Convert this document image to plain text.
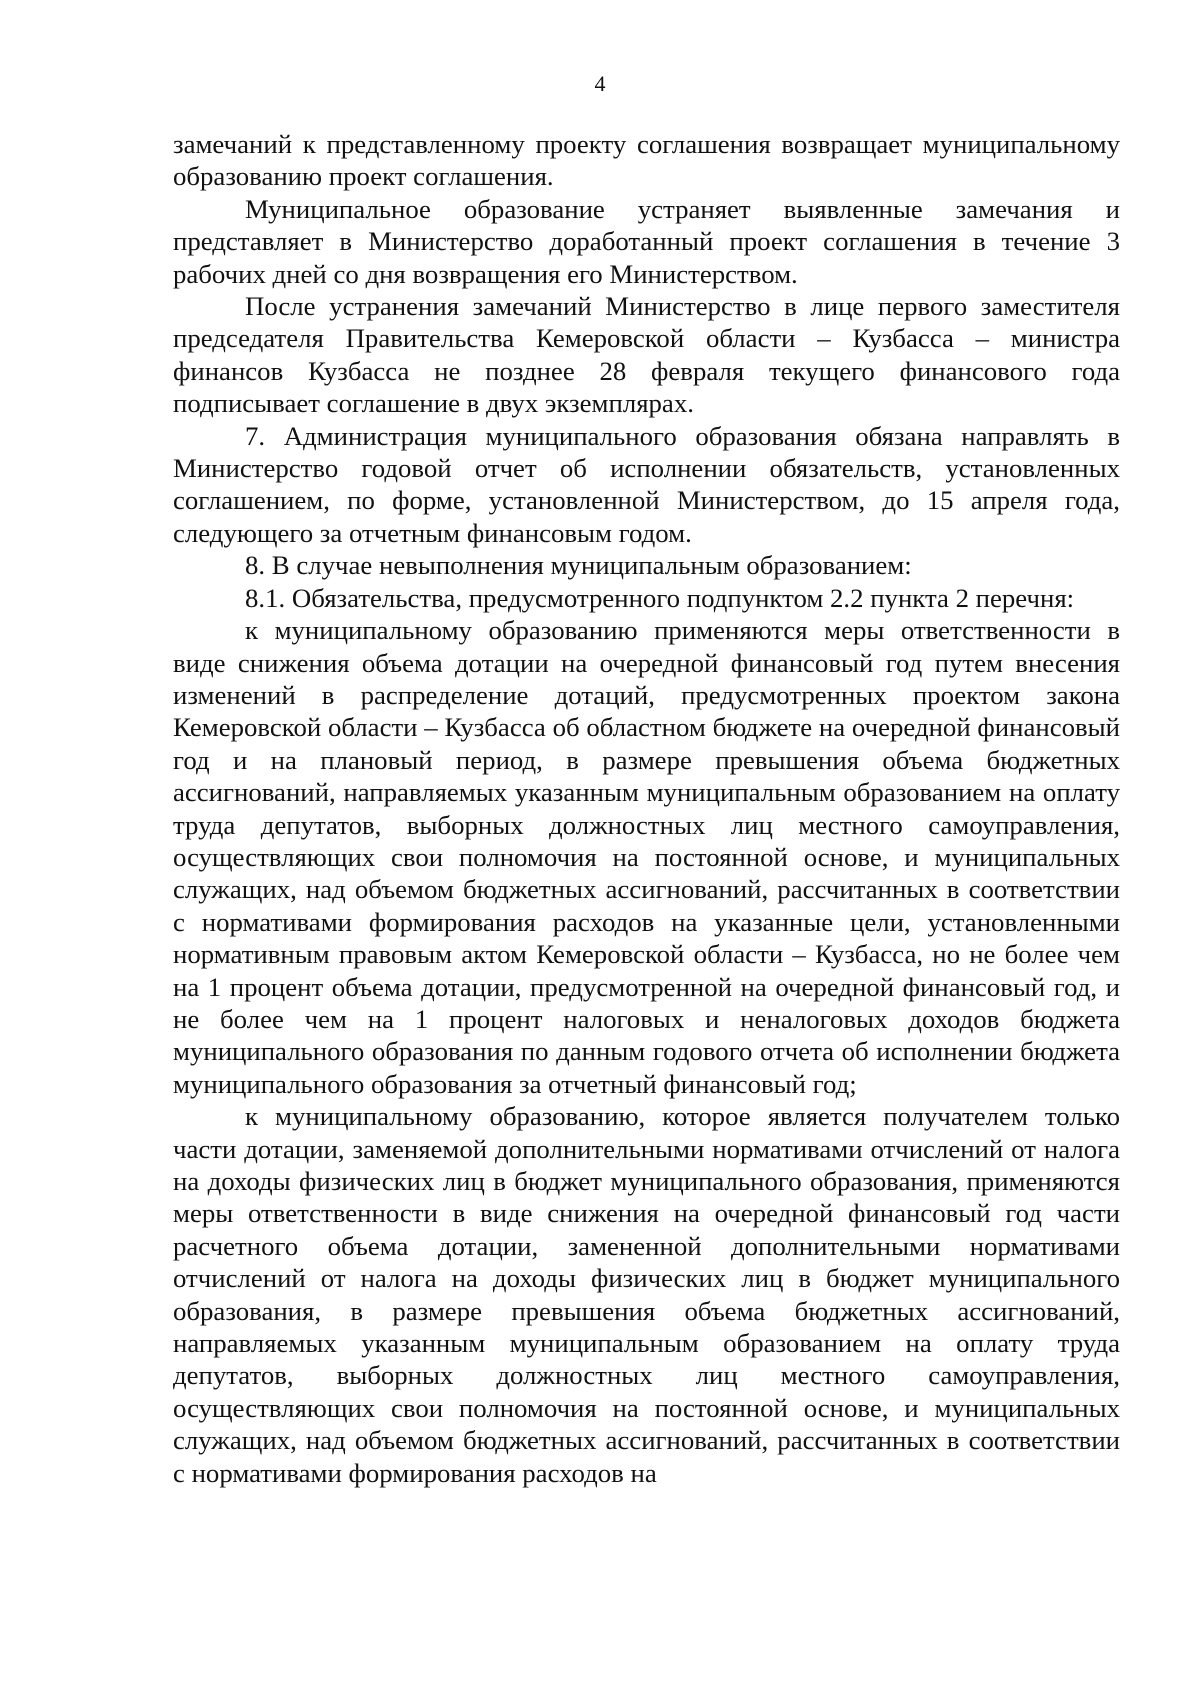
4

замечаний к представленному проекту соглашения возвращает муниципальному образованию проект соглашения.

Муниципальное образование устраняет выявленные замечания и представляет в Министерство доработанный проект соглашения в течение 3 рабочих дней со дня возвращения его Министерством.

После устранения замечаний Министерство в лице первого заместителя председателя Правительства Кемеровской области – Кузбасса – министра финансов Кузбасса не позднее 28 февраля текущего финансового года подписывает соглашение в двух экземплярах.

7. Администрация муниципального образования обязана направлять в Министерство годовой отчет об исполнении обязательств, установленных соглашением, по форме, установленной Министерством, до 15 апреля года, следующего за отчетным финансовым годом.

8. В случае невыполнения муниципальным образованием:

8.1. Обязательства, предусмотренного подпунктом 2.2 пункта 2 перечня:

к муниципальному образованию применяются меры ответственности в виде снижения объема дотации на очередной финансовый год путем внесения изменений в распределение дотаций, предусмотренных проектом закона Кемеровской области – Кузбасса об областном бюджете на очередной финансовый год и на плановый период, в размере превышения объема бюджетных ассигнований, направляемых указанным муниципальным образованием на оплату труда депутатов, выборных должностных лиц местного самоуправления, осуществляющих свои полномочия на постоянной основе, и муниципальных служащих, над объемом бюджетных ассигнований, рассчитанных в соответствии с нормативами формирования расходов на указанные цели, установленными нормативным правовым актом Кемеровской области – Кузбасса, но не более чем на 1 процент объема дотации, предусмотренной на очередной финансовый год, и не более чем на 1 процент налоговых и неналоговых доходов бюджета муниципального образования по данным годового отчета об исполнении бюджета муниципального образования за отчетный финансовый год;

к муниципальному образованию, которое является получателем только части дотации, заменяемой дополнительными нормативами отчислений от налога на доходы физических лиц в бюджет муниципального образования, применяются меры ответственности в виде снижения на очередной финансовый год части расчетного объема дотации, замененной дополнительными нормативами отчислений от налога на доходы физических лиц в бюджет муниципального образования, в размере превышения объема бюджетных ассигнований, направляемых указанным муниципальным образованием на оплату труда депутатов, выборных должностных лиц местного самоуправления, осуществляющих свои полномочия на постоянной основе, и муниципальных служащих, над объемом бюджетных ассигнований, рассчитанных в соответствии с нормативами формирования расходов на
